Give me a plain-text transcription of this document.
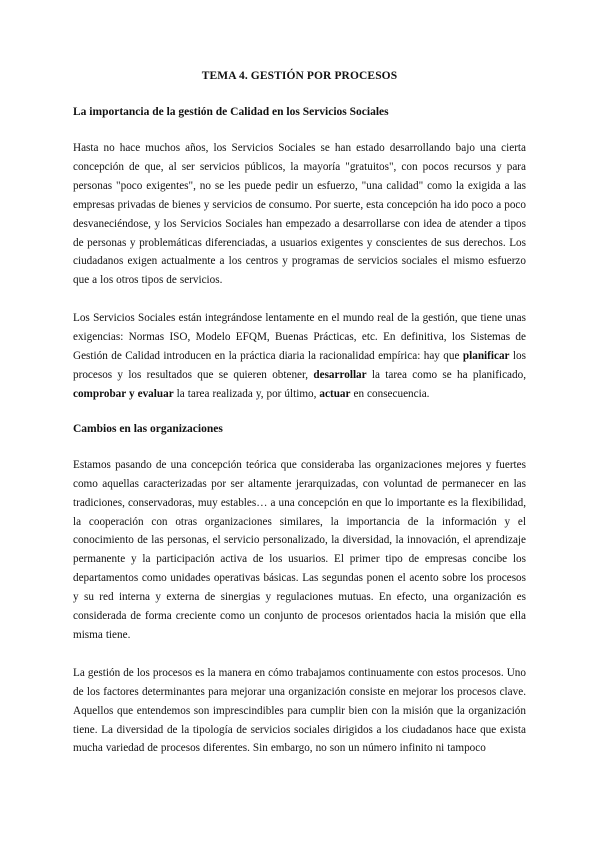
TEMA 4. GESTIÓN POR PROCESOS
La importancia de la gestión de Calidad en los Servicios Sociales

Hasta no hace muchos años, los Servicios Sociales se han estado desarrollando bajo una cierta concepción de que, al ser servicios públicos, la mayoría "gratuitos", con pocos recursos y para personas "poco exigentes", no se les puede pedir un esfuerzo, "una calidad" como la exigida a las empresas privadas de bienes y servicios de consumo. Por suerte, esta concepción ha ido poco a poco desvaneciéndose, y los Servicios Sociales han empezado a desarrollarse con idea de atender a tipos de personas y problemáticas diferenciadas, a usuarios exigentes y conscientes de sus derechos. Los ciudadanos exigen actualmente a los centros y programas de servicios sociales el mismo esfuerzo que a los otros tipos de servicios.

Los Servicios Sociales están integrándose lentamente en el mundo real de la gestión, que tiene unas exigencias: Normas ISO, Modelo EFQM, Buenas Prácticas, etc. En definitiva, los Sistemas de Gestión de Calidad introducen en la práctica diaria la racionalidad empírica: hay que planificar los procesos y los resultados que se quieren obtener, desarrollar la tarea como se ha planificado, comprobar y evaluar la tarea realizada y, por último, actuar en consecuencia.

Cambios en las organizaciones

Estamos pasando de una concepción teórica que consideraba las organizaciones mejores y fuertes como aquellas caracterizadas por ser altamente jerarquizadas, con voluntad de permanecer en las tradiciones, conservadoras, muy estables… a una concepción en que lo importante es la flexibilidad, la cooperación con otras organizaciones similares, la importancia de la información y el conocimiento de las personas, el servicio personalizado, la diversidad, la innovación, el aprendizaje permanente y la participación activa de los usuarios. El primer tipo de empresas concibe los departamentos como unidades operativas básicas. Las segundas ponen el acento sobre los procesos y su red interna y externa de sinergias y regulaciones mutuas. En efecto, una organización es considerada de forma creciente como un conjunto de procesos orientados hacia la misión que ella misma tiene.

La gestión de los procesos es la manera en cómo trabajamos continuamente con estos procesos. Uno de los factores determinantes para mejorar una organización consiste en mejorar los procesos clave. Aquellos que entendemos son imprescindibles para cumplir bien con la misión que la organización tiene. La diversidad de la tipología de servicios sociales dirigidos a los ciudadanos hace que exista mucha variedad de procesos diferentes. Sin embargo, no son un número infinito ni tampoco
